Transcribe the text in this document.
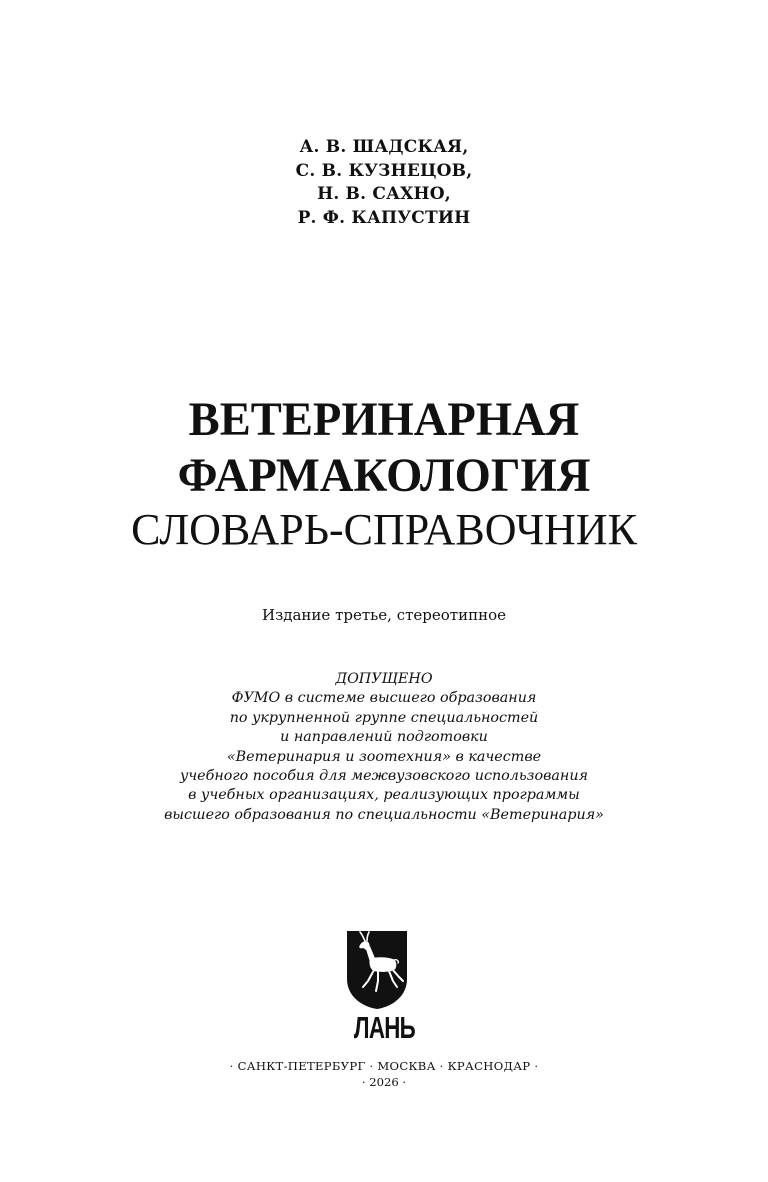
А. В. ШАДСКАЯ,
С. В. КУЗНЕЦОВ,
Н. В. САХНО,
Р. Ф. КАПУСТИН
ВЕТЕРИНАРНАЯ
ФАРМАКОЛОГИЯ
СЛОВАРЬ-СПРАВОЧНИК
Издание третье, стереотипное
ДОПУЩЕНО
ФУМО в системе высшего образования
по укрупненной группе специальностей
и направлений подготовки
«Ветеринария и зоотехния» в качестве
учебного пособия для межвузовского использования
в учебных организациях, реализующих программы
высшего образования по специальности «Ветеринария»
ЛАНЬ
· САНКТ-ПЕТЕРБУРГ · МОСКВА · КРАСНОДАР ·
· 2026 ·
